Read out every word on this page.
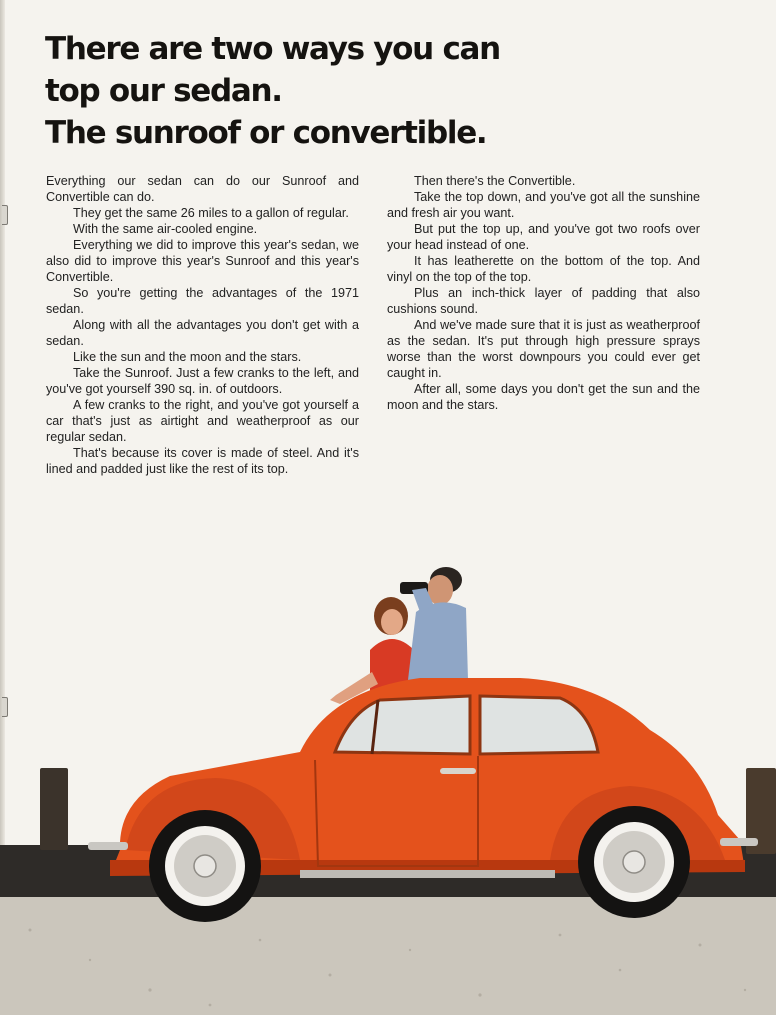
There are two ways you can
top our sedan.
The sunroof or convertible.

Everything our sedan can do our Sunroof and Convertible can do.

They get the same 26 miles to a gallon of regular.

With the same air-cooled engine.

Everything we did to improve this year's sedan, we also did to improve this year's Sunroof and this year's Convertible.

So you're getting the advantages of the 1971 sedan.

Along with all the advantages you don't get with a sedan.

Like the sun and the moon and the stars.

Take the Sunroof. Just a few cranks to the left, and you've got yourself 390 sq. in. of outdoors.

A few cranks to the right, and you've got yourself a car that's just as airtight and weatherproof as our regular sedan.

That's because its cover is made of steel. And it's lined and padded just like the rest of its top.

Then there's the Convertible.

Take the top down, and you've got all the sunshine and fresh air you want.

But put the top up, and you've got two roofs over your head instead of one.

It has leatherette on the bottom of the top. And vinyl on the top of the top.

Plus an inch-thick layer of padding that also cushions sound.

And we've made sure that it is just as weatherproof as the sedan. It's put through high pressure sprays worse than the worst downpours you could ever get caught in.

After all, some days you don't get the sun and the moon and the stars.
